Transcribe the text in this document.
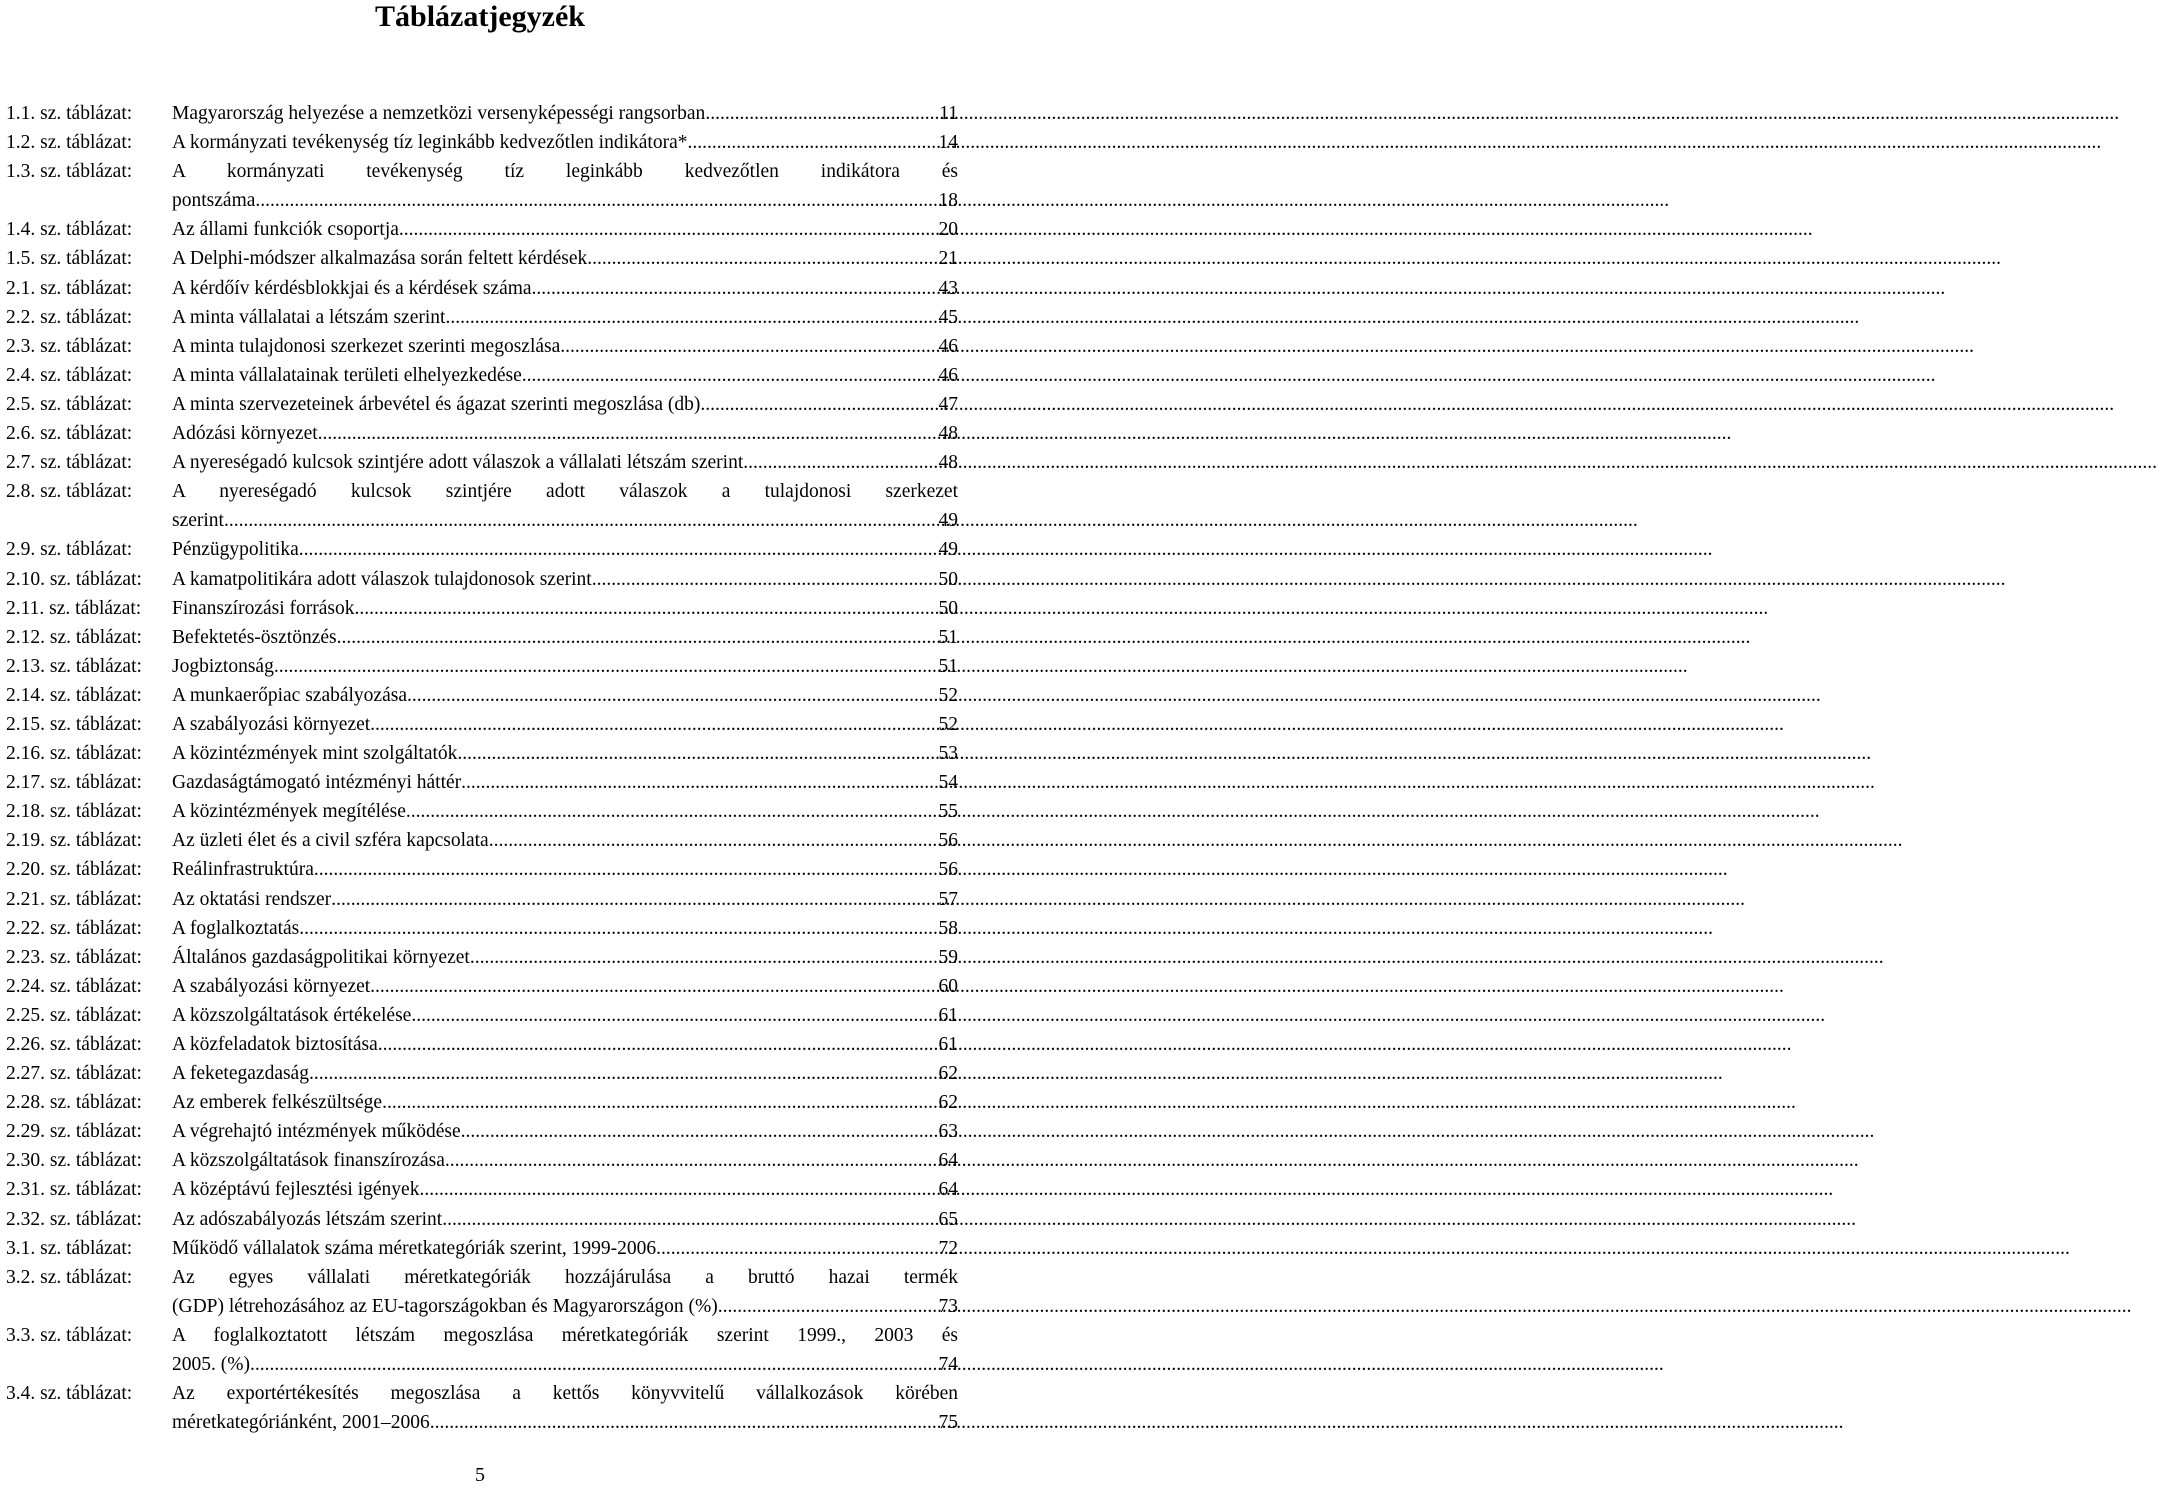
Táblázatjegyzék
1.1. sz. táblázat:	Magyarország helyezése a nemzetközi versenyképességi rangsorban .....	11
1.2. sz. táblázat:	A kormányzati tevékenység tíz leginkább kedvezőtlen indikátora* .....	14
1.3. sz. táblázat:	A kormányzati tevékenység tíz leginkább kedvezőtlen indikátora és
pontszáma .....	18
1.4. sz. táblázat:	Az állami funkciók csoportja .....	20
1.5. sz. táblázat:	A Delphi-módszer alkalmazása során feltett kérdések .....	21
2.1. sz. táblázat:	A kérdőív kérdésblokkjai és a kérdések száma .....	43
2.2. sz. táblázat:	A minta vállalatai a létszám szerint .....	45
2.3. sz. táblázat:	A minta tulajdonosi szerkezet szerinti megoszlása .....	46
2.4. sz. táblázat:	A minta vállalatainak területi elhelyezkedése .....	46
2.5. sz. táblázat:	A minta szervezeteinek árbevétel és ágazat szerinti megoszlása (db) .....	47
2.6. sz. táblázat:	Adózási környezet .....	48
2.7. sz. táblázat:	A nyereségadó kulcsok szintjére adott válaszok a vállalati létszám szerint .....	48
2.8. sz. táblázat:	A nyereségadó kulcsok szintjére adott válaszok a tulajdonosi szerkezet
szerint .....	49
2.9. sz. táblázat:	Pénzügypolitika .....	49
2.10. sz. táblázat:	A kamatpolitikára adott válaszok tulajdonosok szerint .....	50
2.11. sz. táblázat:	Finanszírozási források .....	50
2.12. sz. táblázat:	Befektetés-ösztönzés .....	51
2.13. sz. táblázat:	Jogbiztonság .....	51
2.14. sz. táblázat:	A munkaerőpiac szabályozása .....	52
2.15. sz. táblázat:	A szabályozási környezet .....	52
2.16. sz. táblázat:	A közintézmények mint szolgáltatók .....	53
2.17. sz. táblázat:	Gazdaságtámogató intézményi háttér .....	54
2.18. sz. táblázat:	A közintézmények megítélése .....	55
2.19. sz. táblázat:	Az üzleti élet és a civil szféra kapcsolata .....	56
2.20. sz. táblázat:	Reálinfrastruktúra .....	56
2.21. sz. táblázat:	Az oktatási rendszer .....	57
2.22. sz. táblázat:	A foglalkoztatás .....	58
2.23. sz. táblázat:	Általános gazdaságpolitikai környezet .....	59
2.24. sz. táblázat:	A szabályozási környezet .....	60
2.25. sz. táblázat:	A közszolgáltatások értékelése .....	61
2.26. sz. táblázat:	A közfeladatok biztosítása .....	61
2.27. sz. táblázat:	A feketegazdaság .....	62
2.28. sz. táblázat:	Az emberek felkészültsége .....	62
2.29. sz. táblázat:	A végrehajtó intézmények működése .....	63
2.30. sz. táblázat:	A közszolgáltatások finanszírozása .....	64
2.31. sz. táblázat:	A középtávú fejlesztési igények .....	64
2.32. sz. táblázat:	Az adószabályozás létszám szerint .....	65
3.1. sz. táblázat:	Működő vállalatok száma méretkategóriák szerint, 1999-2006 .....	72
3.2. sz. táblázat:	Az egyes vállalati méretkategóriák hozzájárulása a bruttó hazai termék
(GDP) létrehozásához az EU-tagországokban és Magyarországon (%) .....	73
3.3. sz. táblázat:	A foglalkoztatott létszám megoszlása méretkategóriák szerint 1999., 2003 és
2005. (%) .....	74
3.4. sz. táblázat:	Az exportértékesítés megoszlása a kettős könyvvitelű vállalkozások körében
méretkategóriánként, 2001–2006 .....	75
5
